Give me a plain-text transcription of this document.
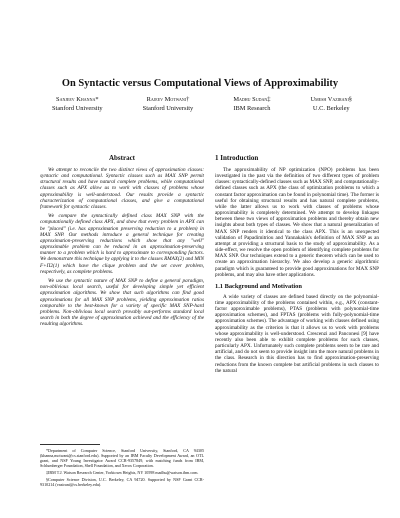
On Syntactic versus Computational Views of Approximability
Sanjeev Khanna*
Stanford University
Rajeev Motwani†
Stanford University
Madhu Sudan‡
IBM Research
Umesh Vazirani§
U.C. Berkeley
Abstract

We attempt to reconcile the two distinct views of approximation classes: syntactic and computational. Syntactic classes such as MAX SNP permit structural results and have natural complete problems, while computational classes such as APX allow us to work with classes of problems whose approximability is well-understood. Our results provide a syntactic characterization of computational classes, and give a computational framework for syntactic classes.

We compare the syntactically defined class MAX SNP with the computationally defined class APX, and show that every problem in APX can be "placed" (i.e. has approximation preserving reduction to a problem) in MAX SNP. Our methods introduce a general technique for creating approximation-preserving reductions which show that any "well" approximable problem can be reduced in an approximation-preserving manner to a problem which is hard to approximate to corresponding factors. We demonstrate this technique by applying it to the classes RMAX(2) and MIN F+Π2(1) which have the clique problem and the set cover problem, respectively, as complete problems.

We use the syntactic nature of MAX SNP to define a general paradigm, non-oblivious local search, useful for developing simple yet efficient approximation algorithms. We show that such algorithms can find good approximations for all MAX SNP problems, yielding approximation ratios comparable to the best-known for a variety of specific MAX SNP-hard problems. Non-oblivious local search provably out-performs standard local search in both the degree of approximation achieved and the efficiency of the resulting algorithms.

*Department of Computer Science, Stanford University, Stanford, CA 94305 (khanna,motwani@cs.stanford.edu). Supported by an IBM Faculty Development Award, an OTL grant, and NSF Young Investigator Award CCR-9357849, with matching funds from IBM, Schlumberger Foundation, Shell Foundation, and Xerox Corporation.

‡IBM T.J. Watson Research Center, Yorktown Heights, NY 10598 madhu@watson.ibm.com.

§Computer Science Division, U.C. Berkeley, CA 94720. Supported by NSF Grant CCR-9310214 (vazirani@cs.berkeley.edu).

1 Introduction

The approximability of NP optimization (NPO) problems has been investigated in the past via the definition of two different types of problem classes: syntactically-defined classes such as MAX SNP, and computationally-defined classes such as APX (the class of optimization problems to which a constant factor approximation can be found in polynomial time). The former is useful for obtaining structural results and has natural complete problems, while the latter allows us to work with classes of problems whose approximability is completely determined. We attempt to develop linkages between these two views of approximation problems and thereby obtain new insights about both types of classes. We show that a natural generalization of MAX SNP renders it identical to the class APX. This is an unexpected validation of Papadimitriou and Yannakakis's definition of MAX SNP as an attempt at providing a structural basis to the study of approximability. As a side-effect, we resolve the open problem of identifying complete problems for MAX SNP. Our techniques extend to a generic theorem which can be used to create an approximation hierarchy. We also develop a generic algorithmic paradigm which is guaranteed to provide good approximations for MAX SNP problems, and may also have other applications.

1.1 Background and Motivation

A wide variety of classes are defined based directly on the polynomial-time approximability of the problems contained within, e.g., APX (constant-factor approximable problems), PTAS (problems with polynomial-time approximation schemes), and FPTAS (problems with fully-polynomial-time approximation schemes). The advantage of working with classes defined using approximability as the criterion is that it allows us to work with problems whose approximability is well-understood. Crescenzi and Panconesi [9] have recently also been able to exhibit complete problems for such classes, particularly APX. Unfortunately such complete problems seem to be rare and artificial, and do not seem to provide insight into the more natural problems in the class. Research in this direction has to find approximation-preserving reductions from the known complete but artificial problems in such classes to the natural
